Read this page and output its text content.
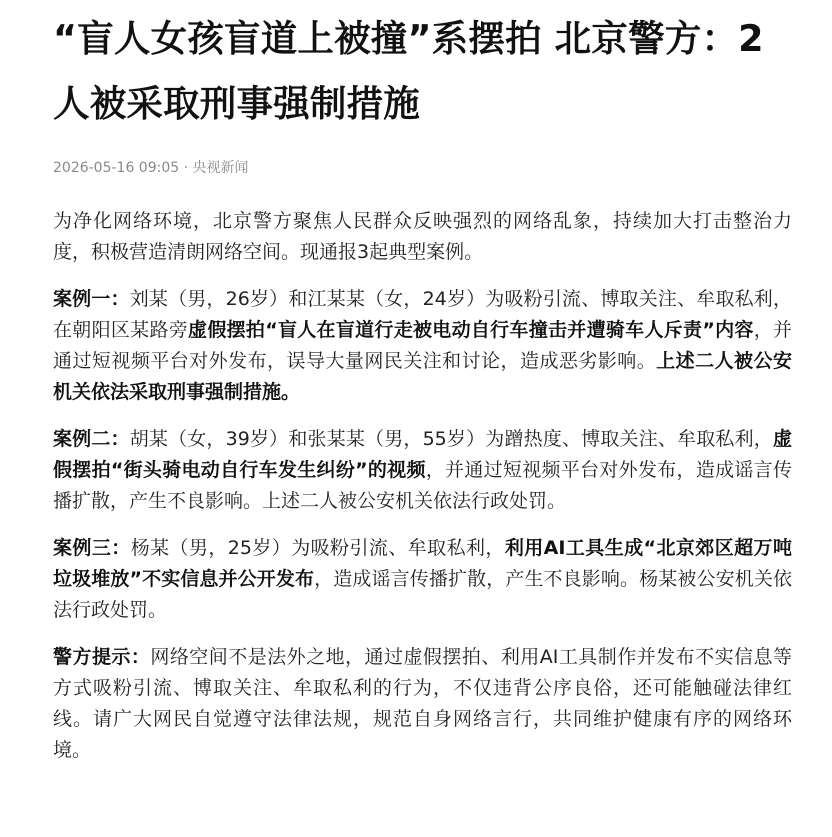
“盲人女孩盲道上被撞”系摆拍 北京警方：2人被采取刑事强制措施
2026-05-16 09:05 · 央视新闻

为净化网络环境，北京警方聚焦人民群众反映强烈的网络乱象，持续加大打击整治力度，积极营造清朗网络空间。现通报3起典型案例。

案例一：刘某（男，26岁）和江某某（女，24岁）为吸粉引流、博取关注、牟取私利，在朝阳区某路旁虚假摆拍“盲人在盲道行走被电动自行车撞击并遭骑车人斥责”内容，并通过短视频平台对外发布，误导大量网民关注和讨论，造成恶劣影响。上述二人被公安机关依法采取刑事强制措施。

案例二：胡某（女，39岁）和张某某（男，55岁）为蹭热度、博取关注、牟取私利，虚假摆拍“街头骑电动自行车发生纠纷”的视频，并通过短视频平台对外发布，造成谣言传播扩散，产生不良影响。上述二人被公安机关依法行政处罚。

案例三：杨某（男，25岁）为吸粉引流、牟取私利，利用AI工具生成“北京郊区超万吨垃圾堆放”不实信息并公开发布，造成谣言传播扩散，产生不良影响。杨某被公安机关依法行政处罚。

警方提示：网络空间不是法外之地，通过虚假摆拍、利用AI工具制作并发布不实信息等方式吸粉引流、博取关注、牟取私利的行为，不仅违背公序良俗，还可能触碰法律红线。请广大网民自觉遵守法律法规，规范自身网络言行，共同维护健康有序的网络环境。
